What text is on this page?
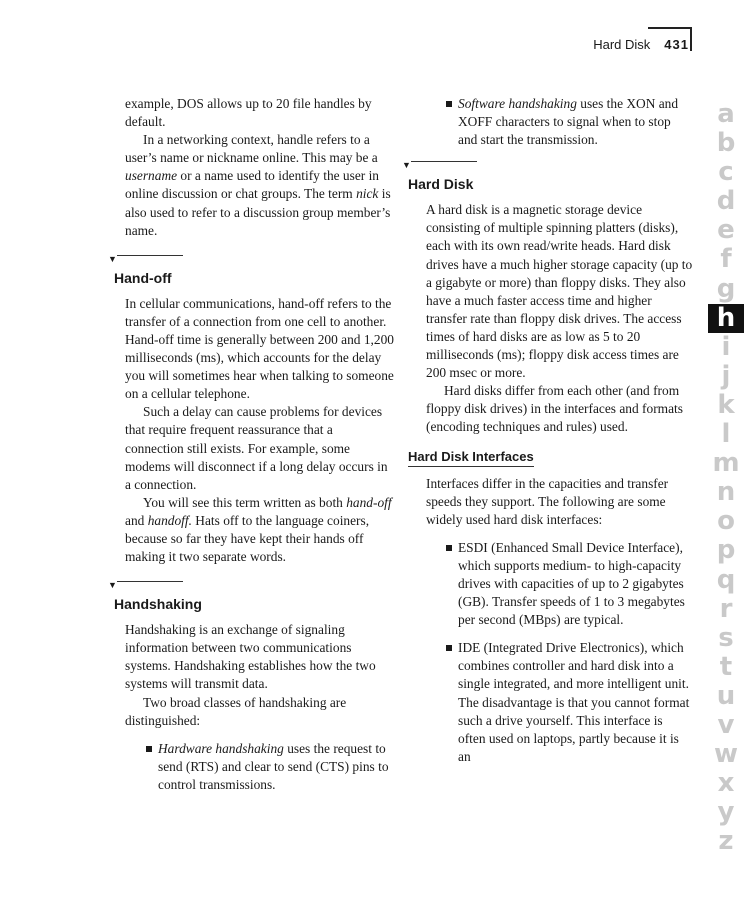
Hard Disk 431

example, DOS allows up to 20 file handles by default.

In a networking context, handle refers to a user’s name or nickname online. This may be a username or a name used to identify the user in online discussion or chat groups. The term nick is also used to refer to a discussion group member’s name.

▼
Hand-off

In cellular communications, hand-off refers to the transfer of a connection from one cell to another. Hand-off time is generally between 200 and 1,200 milliseconds (ms), which accounts for the delay you will sometimes hear when talking to someone on a cellular telephone.

Such a delay can cause problems for devices that require frequent reassurance that a connection still exists. For example, some modems will disconnect if a long delay occurs in a connection.

You will see this term written as both hand-off and handoff. Hats off to the language coiners, because so far they have kept their hands off making it two separate words.

▼
Handshaking

Handshaking is an exchange of signaling information between two communications systems. Handshaking establishes how the two systems will transmit data.

Two broad classes of handshaking are distinguished:

Hardware handshaking uses the request to send (RTS) and clear to send (CTS) pins to control transmissions.
Software handshaking uses the XON and XOFF characters to signal when to stop and start the transmission.
▼
Hard Disk

A hard disk is a magnetic storage device consisting of multiple spinning platters (disks), each with its own read/write heads. Hard disk drives have a much higher storage capacity (up to a gigabyte or more) than floppy disks. They also have a much faster access time and higher transfer rate than floppy disk drives. The access times of hard disks are as low as 5 to 20 milliseconds (ms); floppy disk access times are 200 msec or more.

Hard disks differ from each other (and from floppy disk drives) in the interfaces and formats (encoding techniques and rules) used.

Hard Disk Interfaces

Interfaces differ in the capacities and transfer speeds they support. The following are some widely used hard disk interfaces:

ESDI (Enhanced Small Device Interface), which supports medium- to high-capacity drives with capacities of up to 2 gigabytes (GB). Transfer speeds of 1 to 3 megabytes per second (MBps) are typical.
IDE (Integrated Drive Electronics), which combines controller and hard disk into a single integrated, and more intelligent unit. The disadvantage is that you cannot format such a drive yourself. This interface is often used on laptops, partly because it is an
a
b
c
d
e
f
g
h
i
j
k
l
m
n
o
p
q
r
s
t
u
v
w
x
y
z
